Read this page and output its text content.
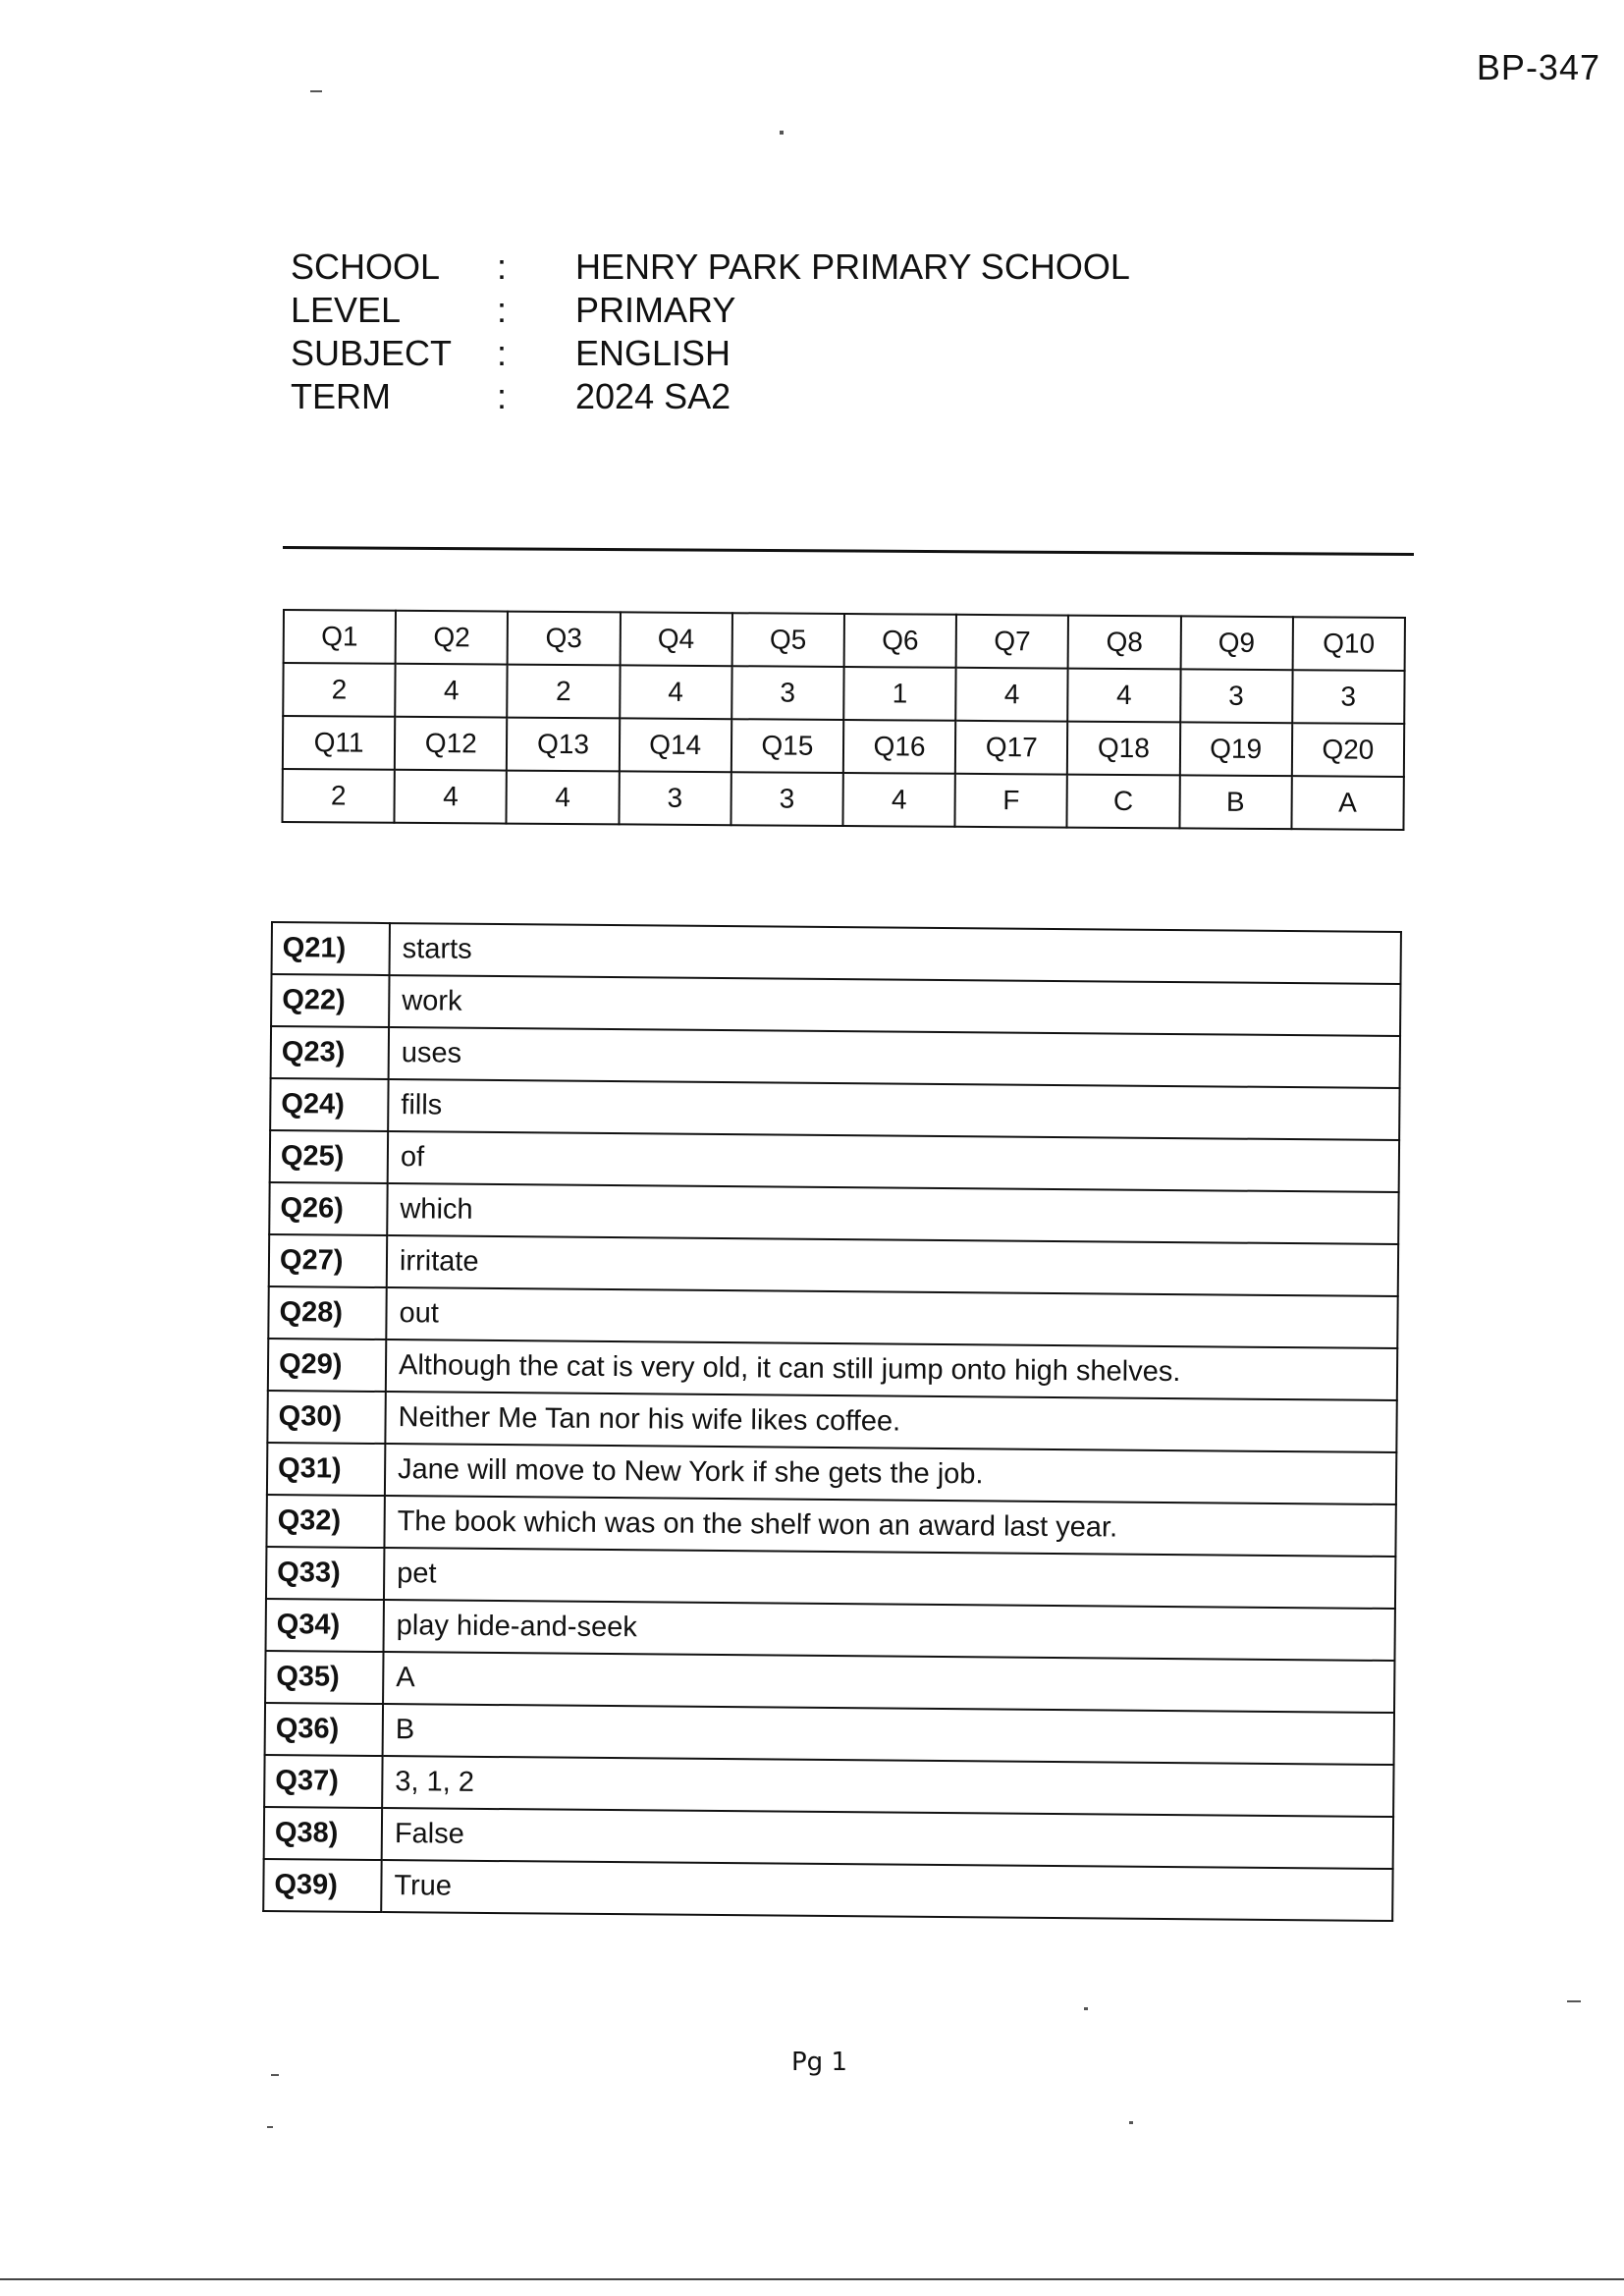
BP-347
SCHOOL	:	HENRY PARK PRIMARY SCHOOL
LEVEL	:	PRIMARY
SUBJECT	:	ENGLISH
TERM	:	2024 SA2
Q1	Q2	Q3	Q4	Q5	Q6	Q7	Q8	Q9	Q10
2	4	2	4	3	1	4	4	3	3
Q11	Q12	Q13	Q14	Q15	Q16	Q17	Q18	Q19	Q20
2	4	4	3	3	4	F	C	B	A
Q21)	starts
Q22)	work
Q23)	uses
Q24)	fills
Q25)	of
Q26)	which
Q27)	irritate
Q28)	out
Q29)	Although the cat is very old, it can still jump onto high shelves.
Q30)	Neither Me Tan nor his wife likes coffee.
Q31)	Jane will move to New York if she gets the job.
Q32)	The book which was on the shelf won an award last year.
Q33)	pet
Q34)	play hide-and-seek
Q35)	A
Q36)	B
Q37)	3, 1, 2
Q38)	False
Q39)	True
Pg 1
